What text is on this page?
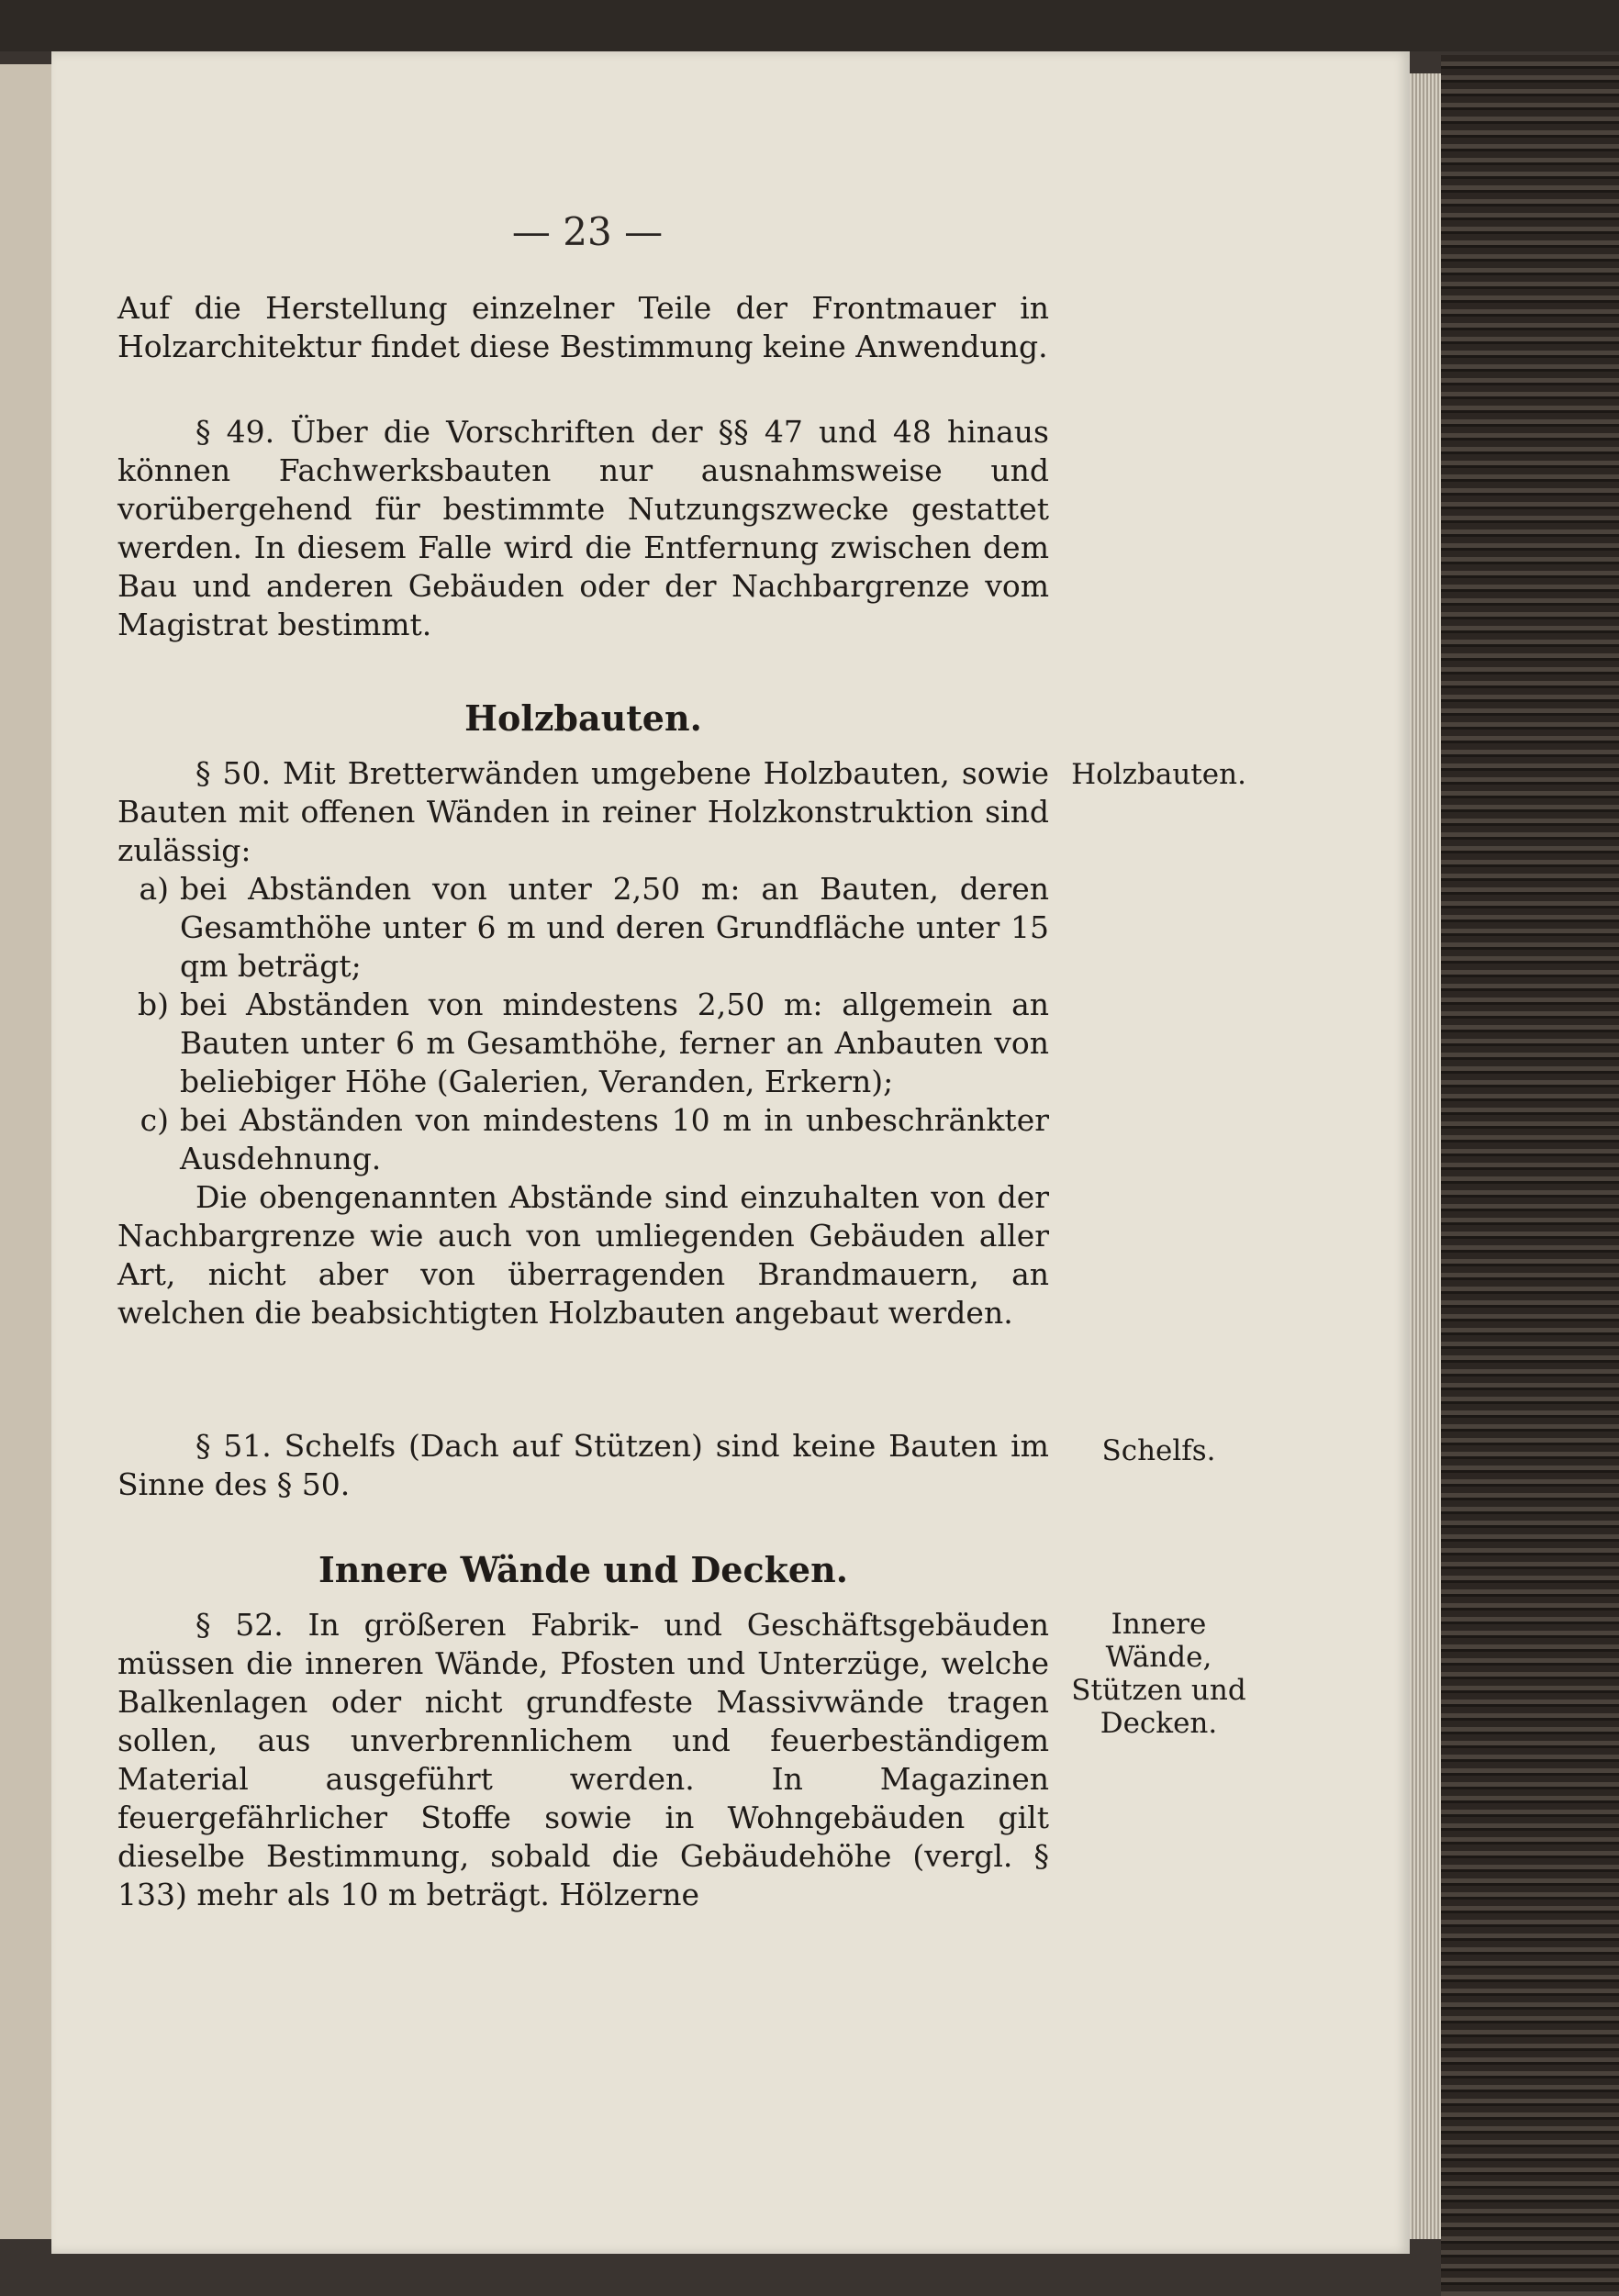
— 23 —

Auf die Herstellung einzelner Teile der Frontmauer in Holzarchitektur findet diese Bestimmung keine Anwendung.

§ 49. Über die Vorschriften der §§ 47 und 48 hinaus können Fachwerksbauten nur ausnahmsweise und vorübergehend für bestimmte Nutzungszwecke gestattet werden. In diesem Falle wird die Entfernung zwischen dem Bau und anderen Gebäuden oder der Nachbargrenze vom Magistrat bestimmt.

Holzbauten.

§ 50. Mit Bretterwänden umgebene Holzbauten, sowie Bauten mit offenen Wänden in reiner Holzkonstruktion sind zulässig:

a) bei Abständen von unter 2,50 m: an Bauten, deren Gesamthöhe unter 6 m und deren Grundfläche unter 15 qm beträgt;
b) bei Abständen von mindestens 2,50 m: allgemein an Bauten unter 6 m Gesamthöhe, ferner an Anbauten von beliebiger Höhe (Galerien, Veranden, Erkern);
c) bei Abständen von mindestens 10 m in unbeschränkter Ausdehnung.

Die obengenannten Abstände sind einzuhalten von der Nachbargrenze wie auch von umliegenden Gebäuden aller Art, nicht aber von überragenden Brandmauern, an welchen die beabsichtigten Holzbauten angebaut werden.

§ 51. Schelfs (Dach auf Stützen) sind keine Bauten im Sinne des § 50.

Innere Wände und Decken.

§ 52. In größeren Fabrik- und Geschäftsgebäuden müssen die inneren Wände, Pfosten und Unterzüge, welche Balkenlagen oder nicht grundfeste Massivwände tragen sollen, aus unverbrennlichem und feuerbeständigem Material ausgeführt werden. In Magazinen feuergefährlicher Stoffe sowie in Wohngebäuden gilt dieselbe Bestimmung, sobald die Gebäudehöhe (vergl. § 133) mehr als 10 m beträgt. Hölzerne

Holzbauten.
Schelfs.
Innere Wände,
Stützen und
Decken.
